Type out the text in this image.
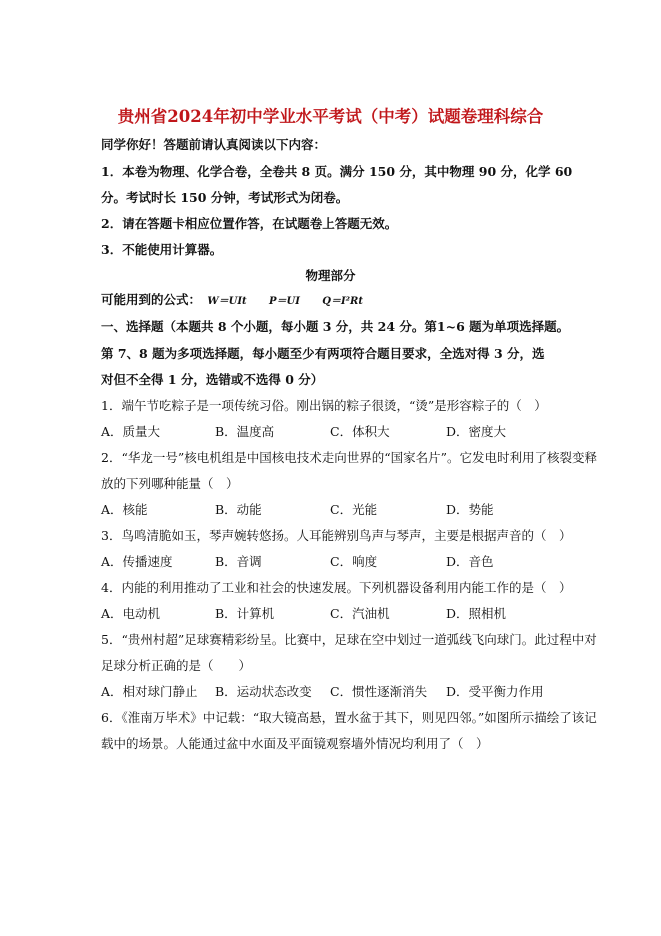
贵州省2024年初中学业水平考试（中考）试题卷理科综合
同学你好！答题前请认真阅读以下内容：
1．本卷为物理、化学合卷，全卷共 8 页。满分 150 分，其中物理 90 分，化学 60
分。考试时长 150 分钟，考试形式为闭卷。
2．请在答题卡相应位置作答，在试题卷上答题无效。
3．不能使用计算器。
物理部分
可能用到的公式： W＝UIt P＝UI Q＝I²Rt
一、选择题（本题共 8 个小题，每小题 3 分，共 24 分。第1~6 题为单项选择题。
第 7、8 题为多项选择题，每小题至少有两项符合题目要求，全选对得 3 分，选
对但不全得 1 分，选错或不选得 0 分）
1．端午节吃粽子是一项传统习俗。刚出锅的粽子很烫，“烫”是形容粽子的（　）
A．质量大	B．温度高	C．体积大	D．密度大
2．“华龙一号”核电机组是中国核电技术走向世界的“国家名片”。它发电时利用了核裂变释
放的下列哪种能量（　）
A．核能	B．动能	C．光能	D．势能
3．鸟鸣清脆如玉，琴声婉转悠扬。人耳能辨别鸟声与琴声，主要是根据声音的（　）
A．传播速度	B．音调	C．响度	D．音色
4．内能的利用推动了工业和社会的快速发展。下列机器设备利用内能工作的是（　）
A．电动机	B．计算机	C．汽油机	D．照相机
5．“贵州村超”足球赛精彩纷呈。比赛中，足球在空中划过一道弧线飞向球门。此过程中对
足球分析正确的是（　　）
A．相对球门静止 B．运动状态改变 C．惯性逐渐消失 D．受平衡力作用
6．《淮南万毕术》中记载：“取大镜高悬，置水盆于其下，则见四邻。”如图所示描绘了该记
载中的场景。人能通过盆中水面及平面镜观察墙外情况均利用了（　）
